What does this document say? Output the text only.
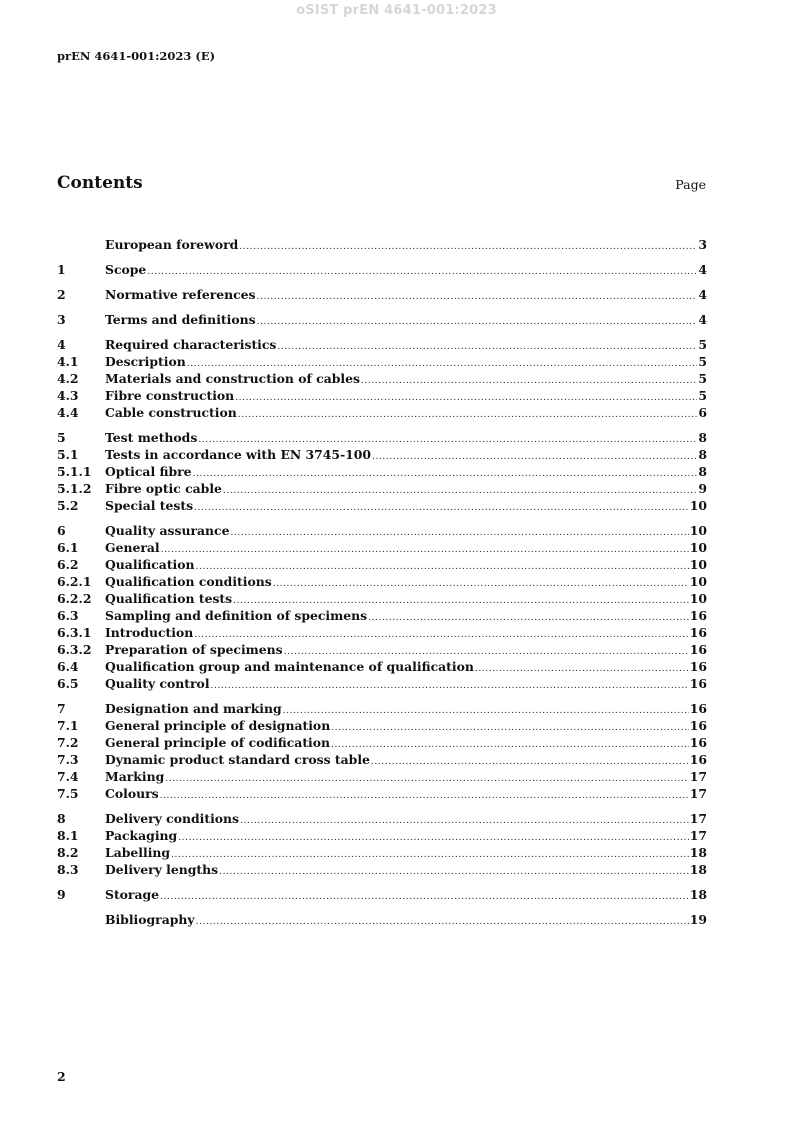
oSIST prEN 4641-001:2023
prEN 4641-001:2023 (E)
Contents	Page
European foreword .....	3
1	Scope .....	4
2	Normative references .....	4
3	Terms and definitions .....	4
4	Required characteristics .....	5
4.1	Description .....	5
4.2	Materials and construction of cables .....	5
4.3	Fibre construction .....	5
4.4	Cable construction .....	6
5	Test methods .....	8
5.1	Tests in accordance with EN 3745-100 .....	8
5.1.1	Optical fibre .....	8
5.1.2	Fibre optic cable .....	9
5.2	Special tests .....	10
6	Quality assurance .....	10
6.1	General .....	10
6.2	Qualification .....	10
6.2.1	Qualification conditions .....	10
6.2.2	Qualification tests .....	10
6.3	Sampling and definition of specimens .....	16
6.3.1	Introduction .....	16
6.3.2	Preparation of specimens .....	16
6.4	Qualification group and maintenance of qualification .....	16
6.5	Quality control .....	16
7	Designation and marking .....	16
7.1	General principle of designation .....	16
7.2	General principle of codification .....	16
7.3	Dynamic product standard cross table .....	16
7.4	Marking .....	17
7.5	Colours .....	17
8	Delivery conditions .....	17
8.1	Packaging .....	17
8.2	Labelling .....	18
8.3	Delivery lengths .....	18
9	Storage .....	18
Bibliography .....	19
2
